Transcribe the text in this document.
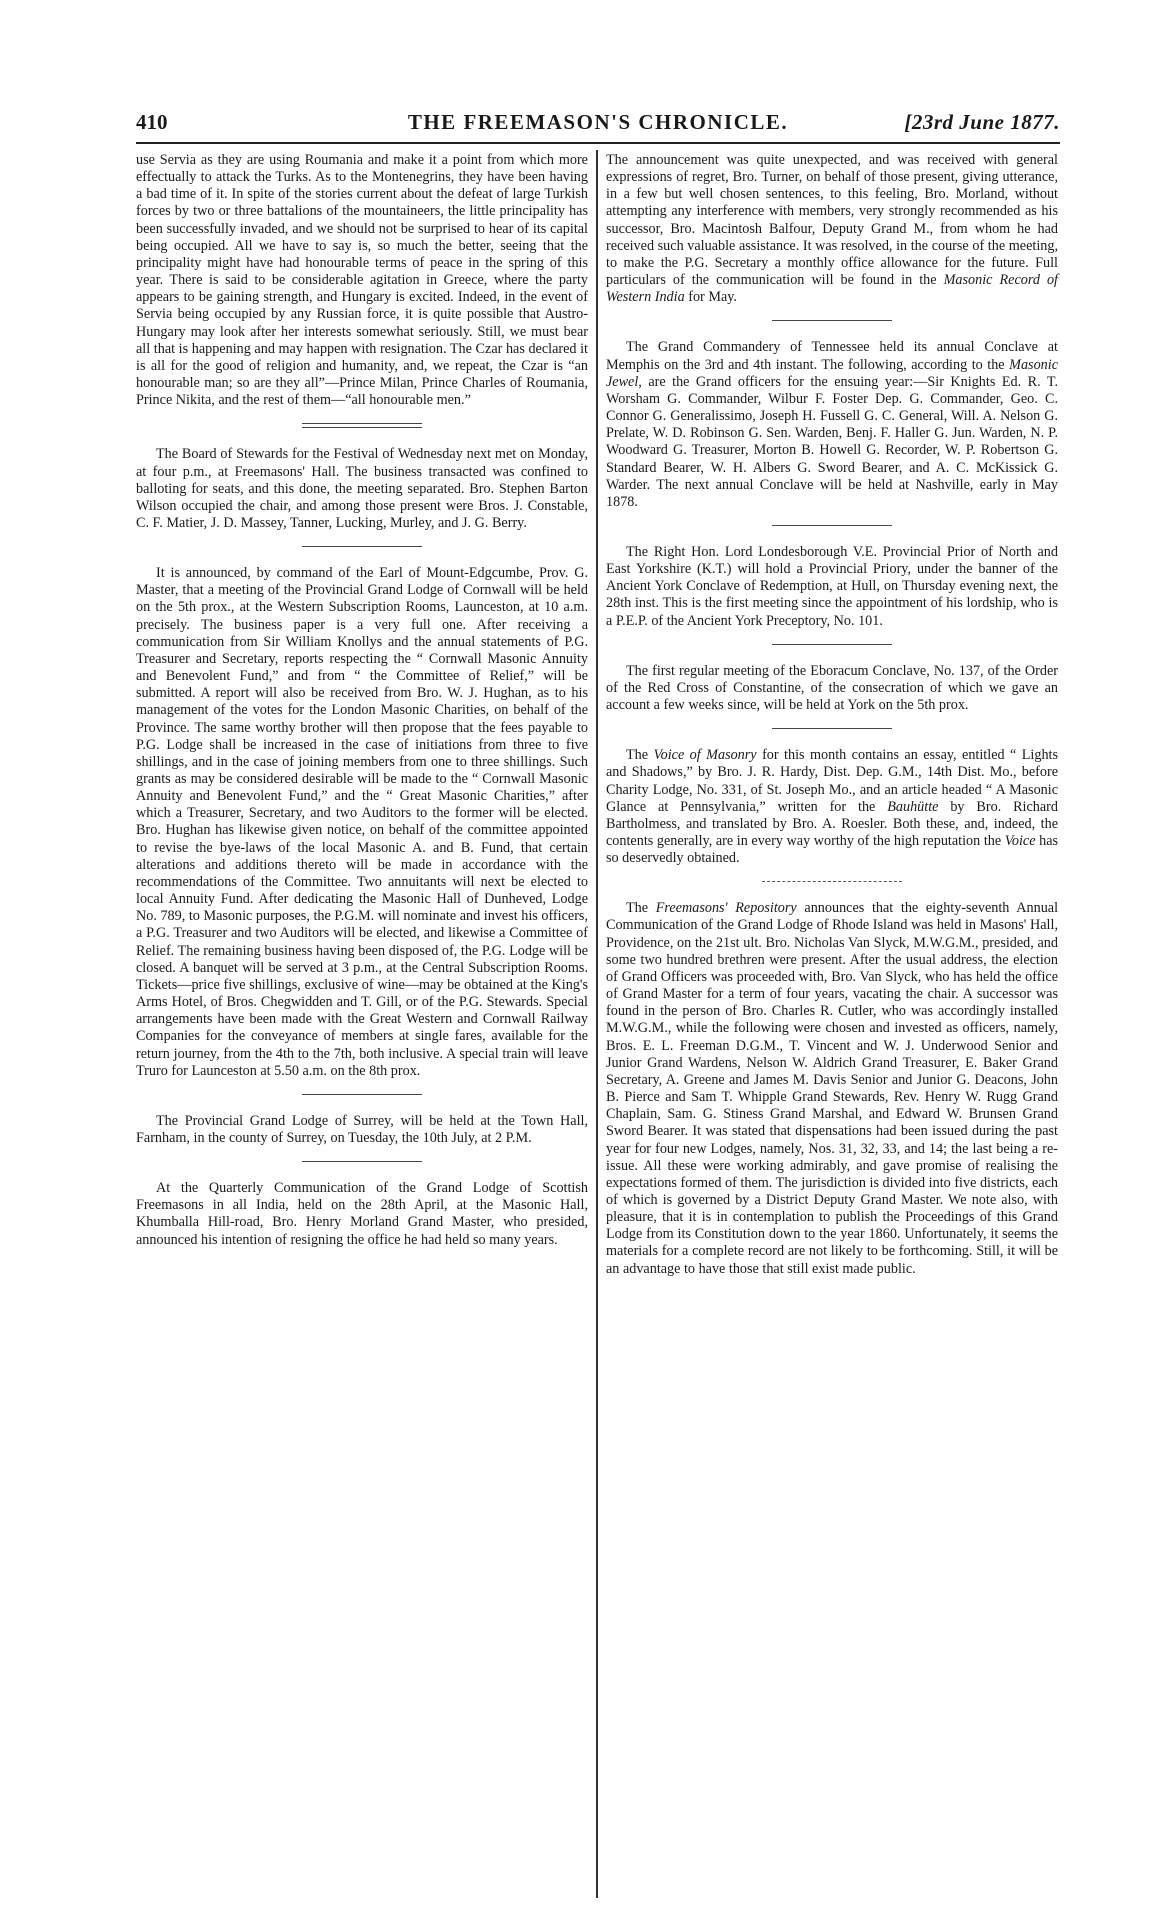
410	THE FREEMASON'S CHRONICLE.	[23rd June 1877.

use Servia as they are using Roumania and make it a point from which more effectually to attack the Turks. As to the Montenegrins, they have been having a bad time of it. In spite of the stories current about the defeat of large Turkish forces by two or three battalions of the mountaineers, the little principality has been successfully invaded, and we should not be surprised to hear of its capital being occupied. All we have to say is, so much the better, seeing that the principality might have had honourable terms of peace in the spring of this year. There is said to be considerable agitation in Greece, where the party appears to be gaining strength, and Hungary is excited. Indeed, in the event of Servia being occupied by any Russian force, it is quite possible that Austro-Hungary may look after her interests somewhat seriously. Still, we must bear all that is happening and may happen with resignation. The Czar has declared it is all for the good of religion and humanity, and, we repeat, the Czar is “an honourable man; so are they all”—Prince Milan, Prince Charles of Roumania, Prince Nikita, and the rest of them—“all honourable men.”

The Board of Stewards for the Festival of Wednesday next met on Monday, at four p.m., at Freemasons' Hall. The business transacted was confined to balloting for seats, and this done, the meeting separated. Bro. Stephen Barton Wilson occupied the chair, and among those present were Bros. J. Constable, C. F. Matier, J. D. Massey, Tanner, Lucking, Murley, and J. G. Berry.

It is announced, by command of the Earl of Mount-Edgcumbe, Prov. G. Master, that a meeting of the Provincial Grand Lodge of Cornwall will be held on the 5th prox., at the Western Subscription Rooms, Launceston, at 10 a.m. precisely. The business paper is a very full one. After receiving a communication from Sir William Knollys and the annual statements of P.G. Treasurer and Secretary, reports respecting the “ Cornwall Masonic Annuity and Benevolent Fund,” and from “ the Committee of Relief,” will be submitted. A report will also be received from Bro. W. J. Hughan, as to his management of the votes for the London Masonic Charities, on behalf of the Province. The same worthy brother will then propose that the fees payable to P.G. Lodge shall be increased in the case of initiations from three to five shillings, and in the case of joining members from one to three shillings. Such grants as may be considered desirable will be made to the “ Cornwall Masonic Annuity and Benevolent Fund,” and the “ Great Masonic Charities,” after which a Treasurer, Secretary, and two Auditors to the former will be elected. Bro. Hughan has likewise given notice, on behalf of the committee appointed to revise the bye-laws of the local Masonic A. and B. Fund, that certain alterations and additions thereto will be made in accordance with the recommendations of the Committee. Two annuitants will next be elected to local Annuity Fund. After dedicating the Masonic Hall of Dunheved, Lodge No. 789, to Masonic purposes, the P.G.M. will nominate and invest his officers, a P.G. Treasurer and two Auditors will be elected, and likewise a Committee of Relief. The remaining business having been disposed of, the P.G. Lodge will be closed. A banquet will be served at 3 p.m., at the Central Subscription Rooms. Tickets—price five shillings, exclusive of wine—may be obtained at the King's Arms Hotel, of Bros. Chegwidden and T. Gill, or of the P.G. Stewards. Special arrangements have been made with the Great Western and Cornwall Railway Companies for the conveyance of members at single fares, available for the return journey, from the 4th to the 7th, both inclusive. A special train will leave Truro for Launceston at 5.50 a.m. on the 8th prox.

The Provincial Grand Lodge of Surrey, will be held at the Town Hall, Farnham, in the county of Surrey, on Tuesday, the 10th July, at 2 P.M.

At the Quarterly Communication of the Grand Lodge of Scottish Freemasons in all India, held on the 28th April, at the Masonic Hall, Khumballa Hill-road, Bro. Henry Morland Grand Master, who presided, announced his intention of resigning the office he had held so many years.

The announcement was quite unexpected, and was received with general expressions of regret, Bro. Turner, on behalf of those present, giving utterance, in a few but well chosen sentences, to this feeling, Bro. Morland, without attempting any interference with members, very strongly recommended as his successor, Bro. Macintosh Balfour, Deputy Grand M., from whom he had received such valuable assistance. It was resolved, in the course of the meeting, to make the P.G. Secretary a monthly office allowance for the future. Full particulars of the communication will be found in the Masonic Record of Western India for May.

The Grand Commandery of Tennessee held its annual Conclave at Memphis on the 3rd and 4th instant. The following, according to the Masonic Jewel, are the Grand officers for the ensuing year:—Sir Knights Ed. R. T. Worsham G. Commander, Wilbur F. Foster Dep. G. Commander, Geo. C. Connor G. Generalissimo, Joseph H. Fussell G. C. General, Will. A. Nelson G. Prelate, W. D. Robinson G. Sen. Warden, Benj. F. Haller G. Jun. Warden, N. P. Woodward G. Treasurer, Morton B. Howell G. Recorder, W. P. Robertson G. Standard Bearer, W. H. Albers G. Sword Bearer, and A. C. McKissick G. Warder. The next annual Conclave will be held at Nashville, early in May 1878.

The Right Hon. Lord Londesborough V.E. Provincial Prior of North and East Yorkshire (K.T.) will hold a Provincial Priory, under the banner of the Ancient York Conclave of Redemption, at Hull, on Thursday evening next, the 28th inst. This is the first meeting since the appointment of his lordship, who is a P.E.P. of the Ancient York Preceptory, No. 101.

The first regular meeting of the Eboracum Conclave, No. 137, of the Order of the Red Cross of Constantine, of the consecration of which we gave an account a few weeks since, will be held at York on the 5th prox.

The Voice of Masonry for this month contains an essay, entitled “ Lights and Shadows,” by Bro. J. R. Hardy, Dist. Dep. G.M., 14th Dist. Mo., before Charity Lodge, No. 331, of St. Joseph Mo., and an article headed “ A Masonic Glance at Pennsylvania,” written for the Bauhütte by Bro. Richard Bartholmess, and translated by Bro. A. Roesler. Both these, and, indeed, the contents generally, are in every way worthy of the high reputation the Voice has so deservedly obtained.

The Freemasons' Repository announces that the eighty-seventh Annual Communication of the Grand Lodge of Rhode Island was held in Masons' Hall, Providence, on the 21st ult. Bro. Nicholas Van Slyck, M.W.G.M., presided, and some two hundred brethren were present. After the usual address, the election of Grand Officers was proceeded with, Bro. Van Slyck, who has held the office of Grand Master for a term of four years, vacating the chair. A successor was found in the person of Bro. Charles R. Cutler, who was accordingly installed M.W.G.M., while the following were chosen and invested as officers, namely, Bros. E. L. Freeman D.G.M., T. Vincent and W. J. Underwood Senior and Junior Grand Wardens, Nelson W. Aldrich Grand Treasurer, E. Baker Grand Secretary, A. Greene and James M. Davis Senior and Junior G. Deacons, John B. Pierce and Sam T. Whipple Grand Stewards, Rev. Henry W. Rugg Grand Chaplain, Sam. G. Stiness Grand Marshal, and Edward W. Brunsen Grand Sword Bearer. It was stated that dispensations had been issued during the past year for four new Lodges, namely, Nos. 31, 32, 33, and 14; the last being a re-issue. All these were working admirably, and gave promise of realising the expectations formed of them. The jurisdiction is divided into five districts, each of which is governed by a District Deputy Grand Master. We note also, with pleasure, that it is in contemplation to publish the Proceedings of this Grand Lodge from its Constitution down to the year 1860. Unfortunately, it seems the materials for a complete record are not likely to be forthcoming. Still, it will be an advantage to have those that still exist made public.
